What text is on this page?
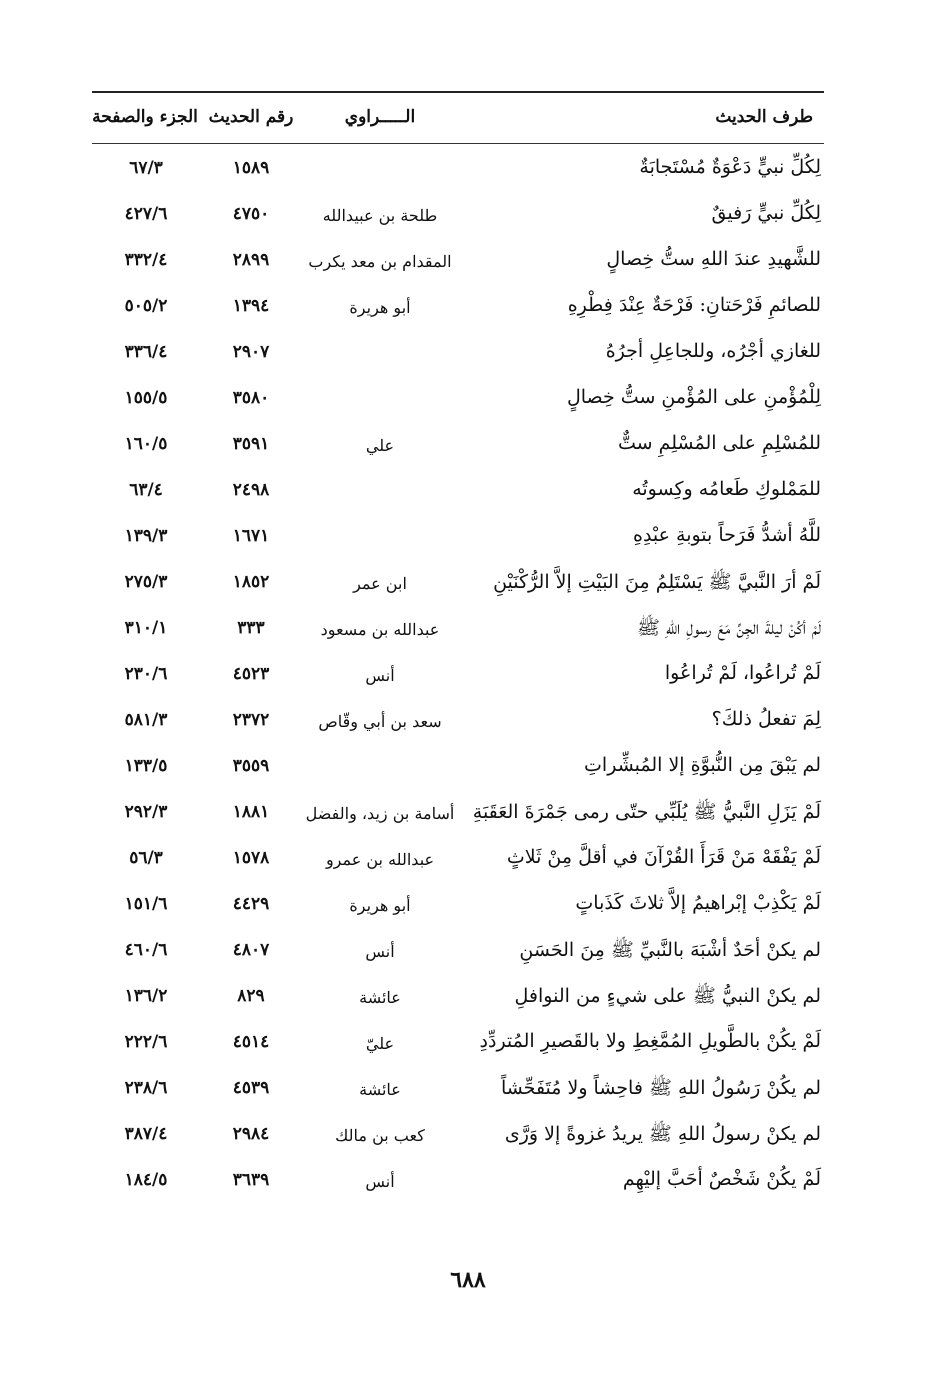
طرف الحديث
الـــــراوي
رقم الحديث
الجزء والصفحة
لِكُلِّ نبيٍّ دَعْوَةٌ مُسْتَجابَةٌ
١٥٨٩
٦٧/٣
لِكُلِّ نبيٍّ رَفيقٌ
طلحة بن عبيدالله
٤٧٥٠
٤٢٧/٦
للشَّهيدِ عندَ اللهِ ستُّ خِصالٍ
المقدام بن معد يكرب
٢٨٩٩
٣٣٢/٤
للصائمِ فَرْحَتانِ: فَرْحَةٌ عِنْدَ فِطْرِهِ
أبو هريرة
١٣٩٤
٥٠٥/٢
للغازي أجْرُه، وللجاعِلِ أجرُهُ
٢٩٠٧
٣٣٦/٤
لِلْمُؤْمنِ على المُؤْمنِ ستُّ خِصالٍ
٣٥٨٠
١٥٥/٥
للمُسْلِمِ على المُسْلِمِ ستٌّ
علي
٣٥٩١
١٦٠/٥
للمَمْلوكِ طَعامُه وكِسوتُه
٢٤٩٨
٦٣/٤
للَّهُ أشدُّ فَرَحاً بتوبةِ عبْدِهِ
١٦٧١
١٣٩/٣
لَمْ أرَ النَّبيَّ ﷺ يَسْتَلِمُ مِنَ البَيْتِ إلاَّ الرُّكْنَيْنِ
ابن عمر
١٨٥٢
٢٧٥/٣
لَمْ أكُنْ ليلةَ الجِنِّ مَعَ رسولِ اللهِ ﷺ
عبدالله بن مسعود
٣٣٣
٣١٠/١
لَمْ تُراعُوا، لَمْ تُراعُوا
أنس
٤٥٢٣
٢٣٠/٦
لِمَ تفعلُ ذلكَ؟
سعد بن أبي وقّاص
٢٣٧٢
٥٨١/٣
لم يَبْقَ مِن النُّبوَّةِ إلا المُبشِّراتِ
٣٥٥٩
١٣٣/٥
لَمْ يَزَلِ النَّبيُّ ﷺ يُلَبِّي حتّى رمى جَمْرَةَ العَقَبَةِ
أسامة بن زيد، والفضل
١٨٨١
٢٩٢/٣
لَمْ يَفْقَهْ مَنْ قَرَأَ القُرْآنَ في أقلَّ مِنْ ثَلاثٍ
عبدالله بن عمرو
١٥٧٨
٥٦/٣
لَمْ يَكْذِبْ إبْراهيمُ إلاَّ ثلاثَ كَذَباتٍ
أبو هريرة
٤٤٢٩
١٥١/٦
لم يكنْ أحَدٌ أشْبَهَ بالنَّبيِّ ﷺ مِنَ الحَسَنِ
أنس
٤٨٠٧
٤٦٠/٦
لم يكنْ النبيُّ ﷺ على شيءٍ من النوافلِ
عائشة
٨٢٩
١٣٦/٢
لَمْ يكُنْ بالطَّويلِ المُمَّغِطِ ولا بالقَصيرِ المُتردِّدِ
عليّ
٤٥١٤
٢٢٢/٦
لم يكُنْ رَسُولُ اللهِ ﷺ فاحِشاً ولا مُتَفَحِّشاً
عائشة
٤٥٣٩
٢٣٨/٦
لم يكنْ رسولُ اللهِ ﷺ يريدُ غزوةً إلا وَرَّى
كعب بن مالك
٢٩٨٤
٣٨٧/٤
لَمْ يكُنْ شَخْصٌ أحَبَّ إليْهِم
أنس
٣٦٣٩
١٨٤/٥
٦٨٨
